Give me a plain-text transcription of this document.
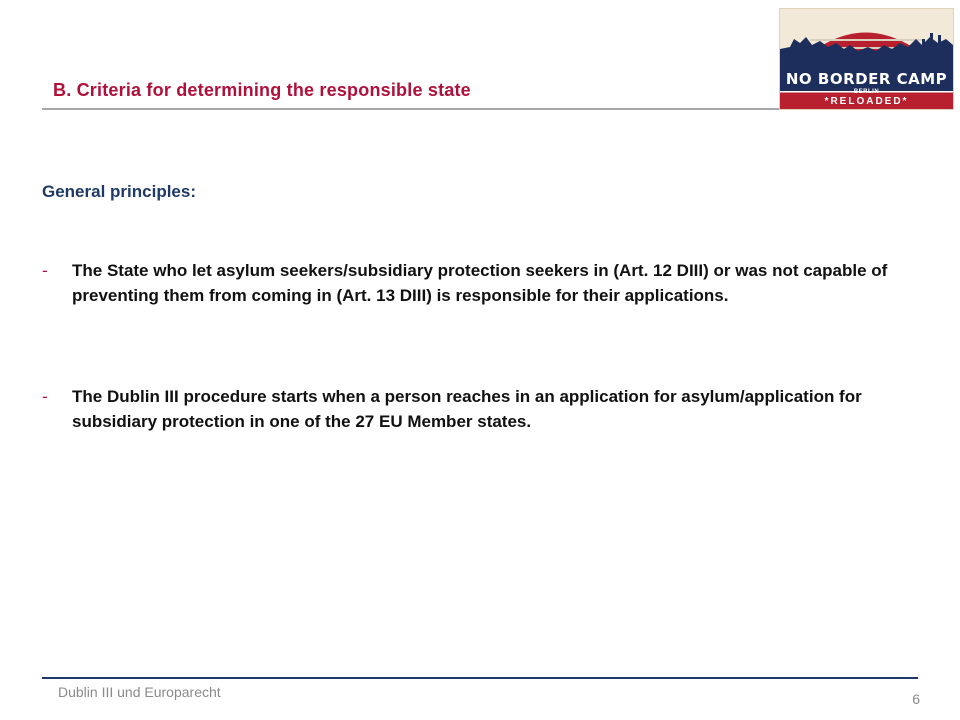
B. Criteria for determining the responsible state
NO BORDER CAMP
BERLIN
*RELOADED*
General principles:
- The State who let asylum seekers/subsidiary protection seekers in (Art. 12 DIII) or was not capable of preventing them from coming in (Art. 13 DIII) is responsible for their applications.
- The Dublin III procedure starts when a person reaches in an application for asylum/application for subsidiary protection in one of the 27 EU Member states.
Dublin III und Europarecht	6
